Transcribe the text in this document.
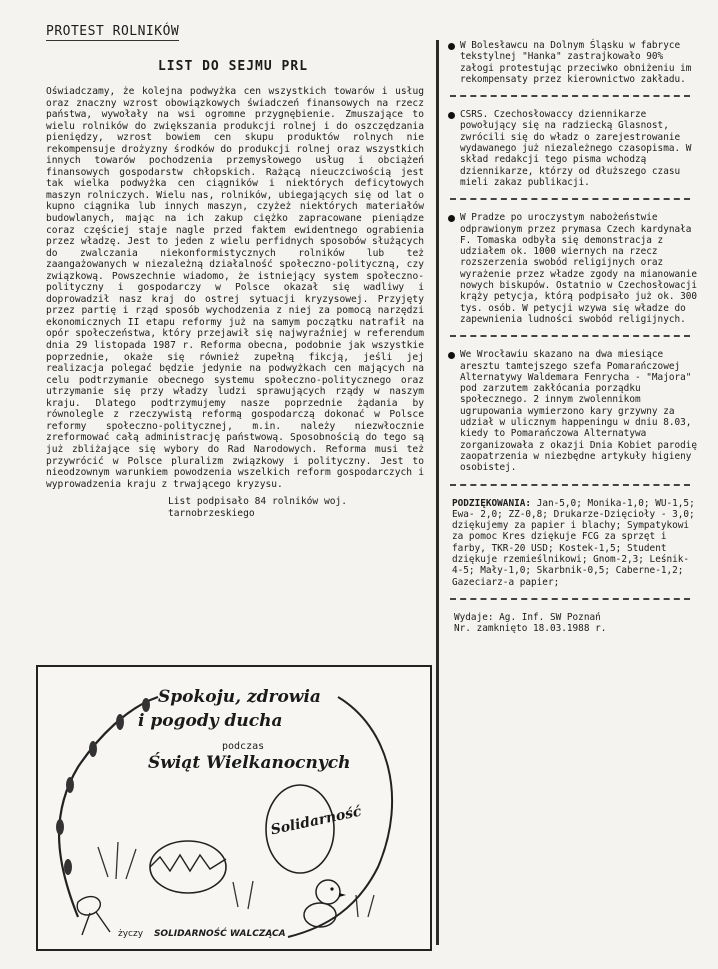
PROTEST ROLNIKÓW
LIST DO SEJMU PRL

Oświadczamy, że kolejna podwyżka cen wszystkich towarów i usług oraz znaczny wzrost obowiązkowych świadczeń finansowych na rzecz państwa, wywołały na wsi ogromne przygnębienie. Zmuszające to wielu rolników do zwiększania produkcji rolnej i do oszczędzania pieniędzy, wzrost bowiem cen skupu produktów rolnych nie rekompensuje drożyzny środków do produkcji rolnej oraz wszystkich innych towarów pochodzenia przemysłowego usług i obciążeń finansowych gospodarstw chłopskich. Rażącą nieuczciwością jest tak wielka podwyżka cen ciągników i niektórych deficytowych maszyn rolniczych. Wielu nas, rolników, ubiegających się od lat o kupno ciągnika lub innych maszyn, czyżeż niektórych materiałów budowlanych, mając na ich zakup ciężko zapracowane pieniądze coraz częściej staje nagle przed faktem ewidentnego ograbienia przez władzę. Jest to jeden z wielu perfidnych sposobów służących do zwalczania niekonformistycznych rolników lub też zaangażowanych w niezależną działalność społeczno-polityczną, czy związkową. Powszechnie wiadomo, że istniejący system społeczno-polityczny i gospodarczy w Polsce okazał się wadliwy i doprowadził nasz kraj do ostrej sytuacji kryzysowej. Przyjęty przez partię i rząd sposób wychodzenia z niej za pomocą narzędzi ekonomicznych II etapu reformy już na samym początku natrafił na opór społeczeństwa, który przejawił się najwyraźniej w referendum dnia 29 listopada 1987 r. Reforma obecna, podobnie jak wszystkie poprzednie, okaże się również zupełną fikcją, jeśli jej realizacja polegać będzie jedynie na podwyżkach cen mających na celu podtrzymanie obecnego systemu społeczno-politycznego oraz utrzymanie się przy władzy ludzi sprawujących rządy w naszym kraju. Dlatego podtrzymujemy nasze poprzednie żądania by równolegle z rzeczywistą reformą gospodarczą dokonać w Polsce reformy społeczno-politycznej, m.in. należy niezwłocznie zreformować całą administrację państwową. Sposobnością do tego są już zbliżające się wybory do Rad Narodowych. Reforma musi też przywrócić w Polsce pluralizm związkowy i polityczny. Jest to nieodzownym warunkiem powodzenia wszelkich reform gospodarczych i wyprowadzenia kraju z trwającego kryzysu.

List podpisało 84 rolników woj. tarnobrzeskiego
Spokoju, zdrowia
i pogody ducha
podczas
Świąt Wielkanocnych
Solidarność
życzy SOLIDARNOŚĆ WALCZĄCA

W Bolesławcu na Dolnym Śląsku w fabryce tekstylnej "Hanka" zastrajkowało 90% załogi protestując przeciwko obniżeniu im rekompensaty przez kierownictwo zakładu.

CSRS. Czechosłowaccy dziennikarze powołujący się na radziecką Glasnost, zwrócili się do władz o zarejestrowanie wydawanego już niezależnego czasopisma. W skład redakcji tego pisma wchodzą dziennikarze, którzy od dłuższego czasu mieli zakaz publikacji.

W Pradze po uroczystym nabożeństwie odprawionym przez prymasa Czech kardynała F. Tomaska odbyła się demonstracja z udziałem ok. 1000 wiernych na rzecz rozszerzenia swobód religijnych oraz wyrażenie przez władze zgody na mianowanie nowych biskupów. Ostatnio w Czechosłowacji krąży petycja, którą podpisało już ok. 300 tys. osób. W petycji wzywa się władze do zapewnienia ludności swobód religijnych.

We Wrocławiu skazano na dwa miesiące aresztu tamtejszego szefa Pomarańczowej Alternatywy Waldemara Fenrycha - "Majora" pod zarzutem zakłócania porządku społecznego. 2 innym zwolennikom ugrupowania wymierzono kary grzywny za udział w ulicznym happeningu w dniu 8.03, kiedy to Pomarańczowa Alternatywa zorganizowała z okazji Dnia Kobiet parodię zaopatrzenia w niezbędne artykuły higieny osobistej.

PODZIĘKOWANIA: Jan-5,0; Monika-1,0; WU-1,5; Ewa- 2,0; ZZ-0,8; Drukarze-Dzięcioły - 3,0; dziękujemy za papier i blachy; Sympatykowi za pomoc Kres dziękuje FCG za sprzęt i farby, TKR-20 USD; Kostek-1,5; Student dziękuje rzemieślnikowi; Gnom-2,3; Leśnik-4-5; Mały-1,0; Skarbnik-0,5; Caberne-1,2; Gazeciarz-a papier;

Wydaje: Ag. Inf. SW Poznań

Nr. zamknięto 18.03.1988 r.
